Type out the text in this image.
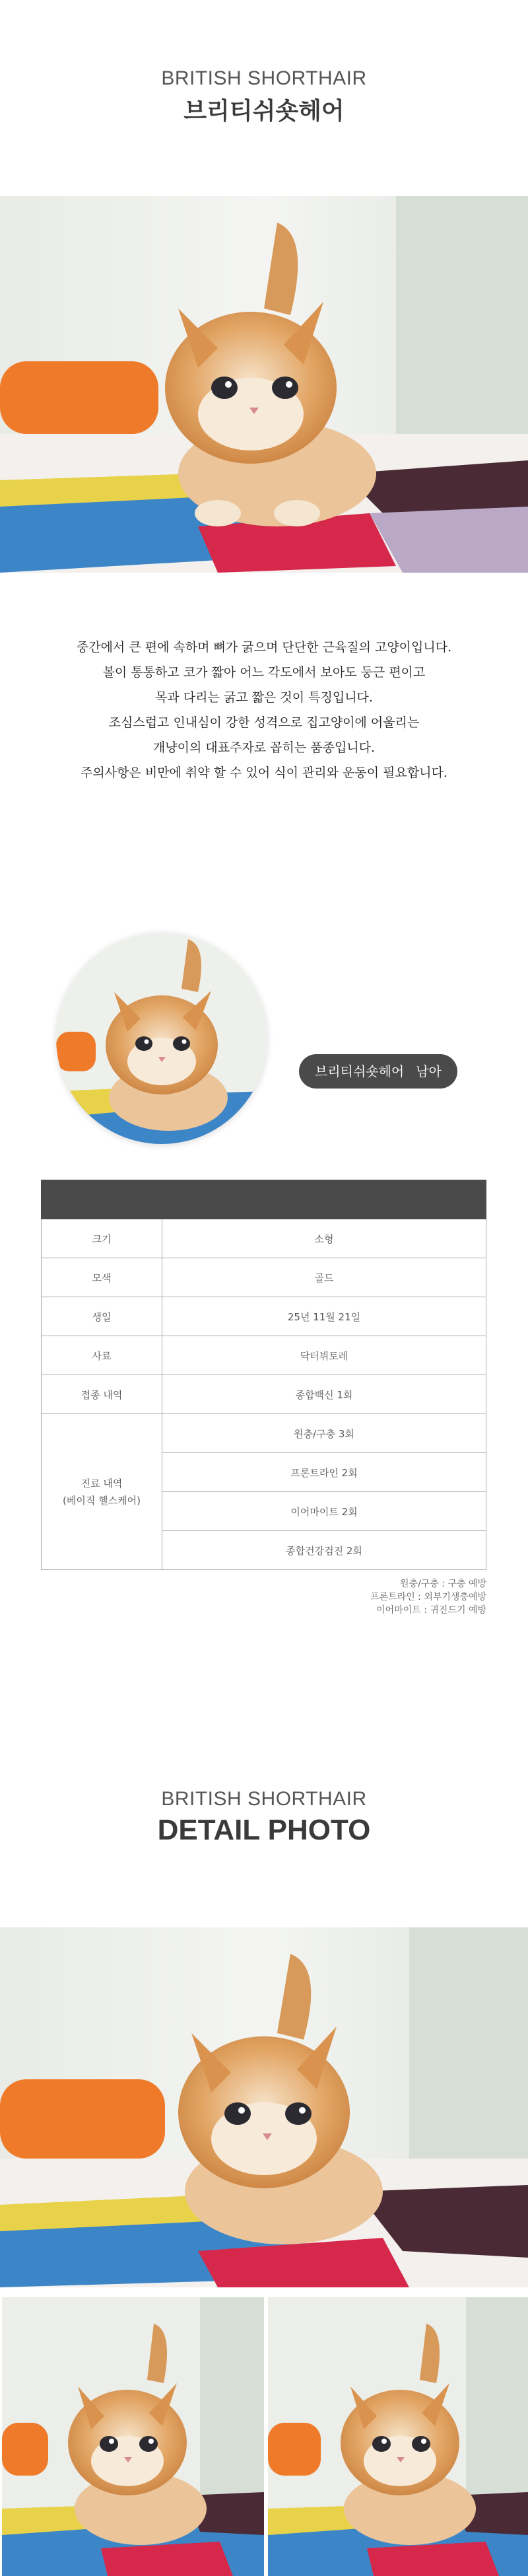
BRITISH SHORTHAIR
브리티쉬숏헤어

중간에서 큰 편에 속하며 뼈가 굵으며 단단한 근육질의 고양이입니다.

볼이 통통하고 코가 짧아 어느 각도에서 보아도 둥근 편이고

목과 다리는 굵고 짧은 것이 특징입니다.

조심스럽고 인내심이 강한 성격으로 집고양이에 어울리는

개냥이의 대표주자로 꼽히는 품종입니다.

주의사항은 비만에 취약 할 수 있어 식이 관리와 운동이 필요합니다.

브리티쉬숏헤어 남아

크기	소형
모색	골드
생일	25년 11월 21일
사료	닥터뷔토레
접종 내역	종합백신 1회

진료 내역
(베이직 헬스케어)	원충/구충 3회
	프론트라인 2회
	이어마이트 2회
	종합건강검진 2회
원충/구충 : 구충 예방
프론트라인 : 외부기생충예방
이어마이트 : 귀진드기 예방
BRITISH SHORTHAIR
DETAIL PHOTO
